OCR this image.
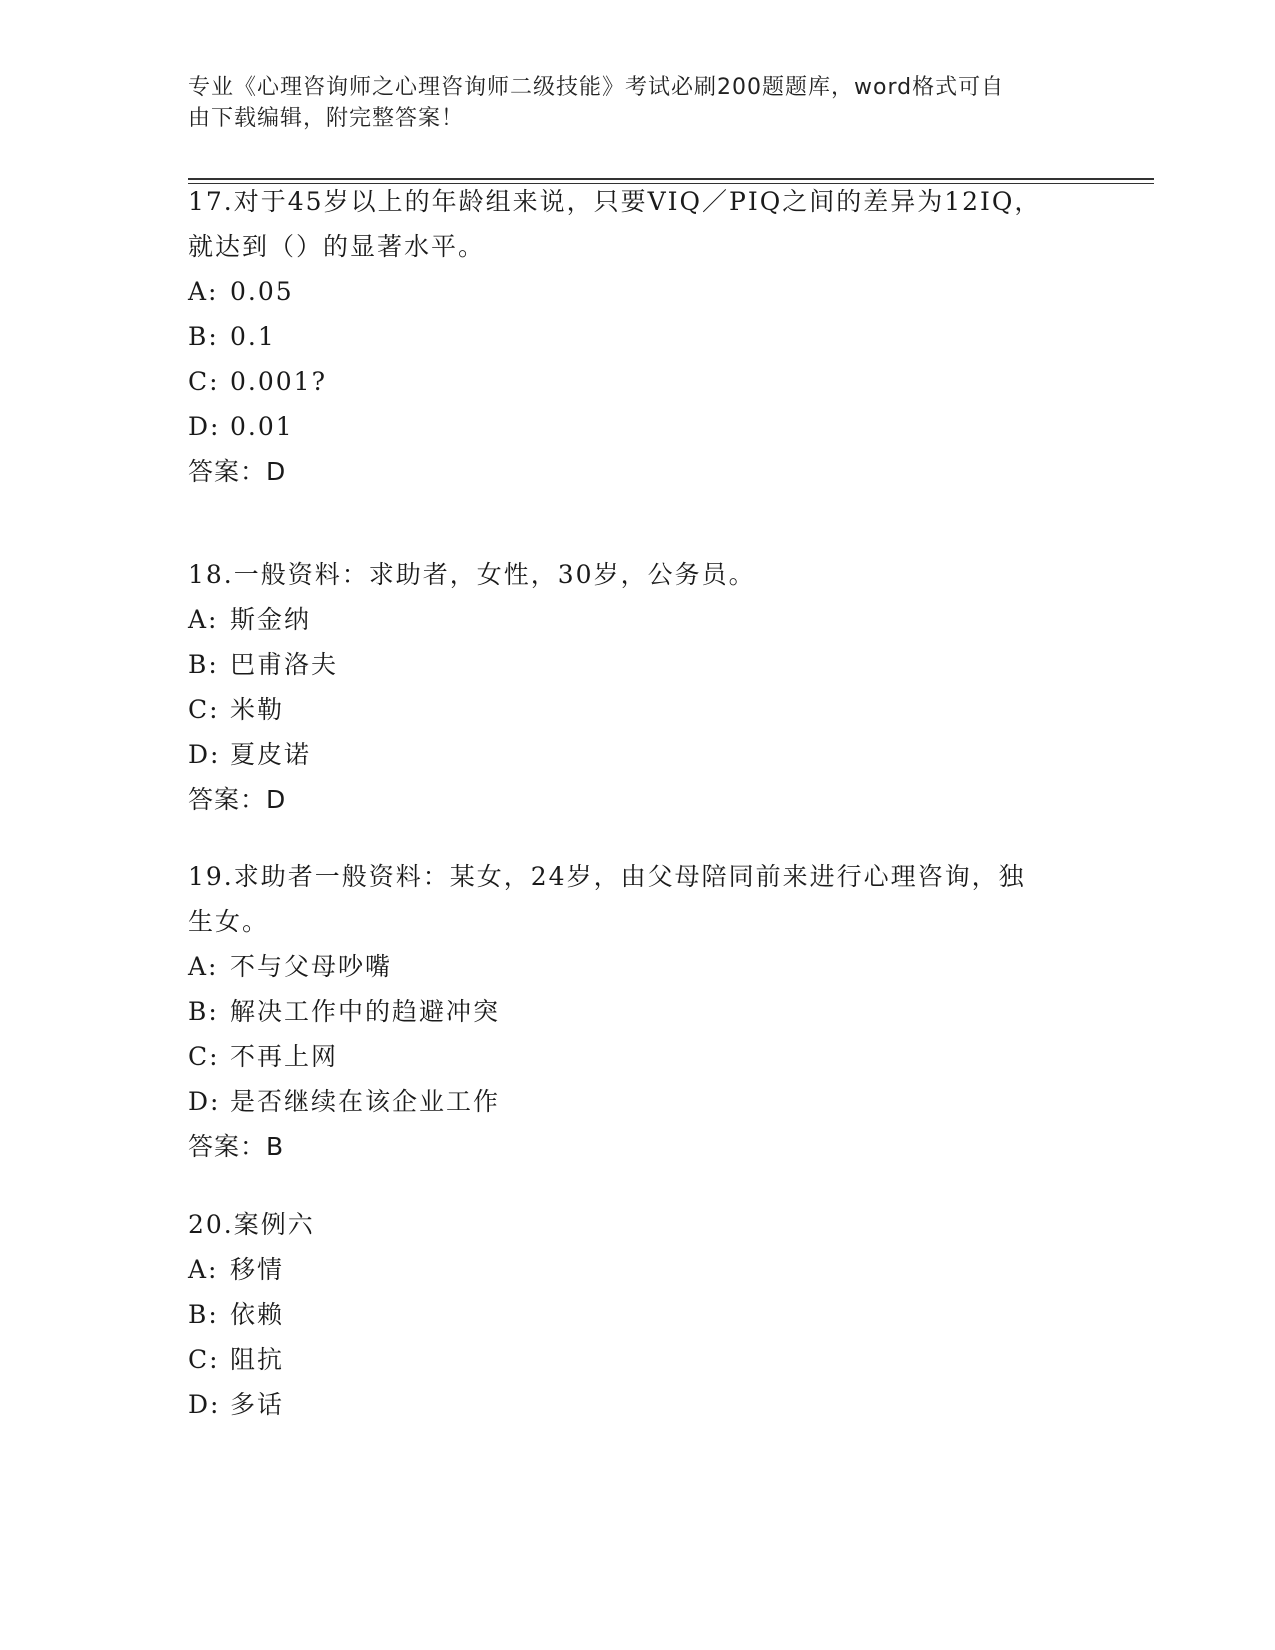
专业《心理咨询师之心理咨询师二级技能》考试必刷200题题库，word格式可自
由下载编辑，附完整答案！
17.对于45岁以上的年龄组来说，只要VIQ／PIQ之间的差异为12IQ，
就达到（）的显著水平。
A: 0.05
B: 0.1
C: 0.001?
D: 0.01
答案：D
18.一般资料：求助者，女性，30岁，公务员。
A: 斯金纳
B: 巴甫洛夫
C: 米勒
D: 夏皮诺
答案：D
19.求助者一般资料：某女，24岁，由父母陪同前来进行心理咨询，独
生女。
A: 不与父母吵嘴
B: 解决工作中的趋避冲突
C: 不再上网
D: 是否继续在该企业工作
答案：B
20.案例六
A: 移情
B: 依赖
C: 阻抗
D: 多话
